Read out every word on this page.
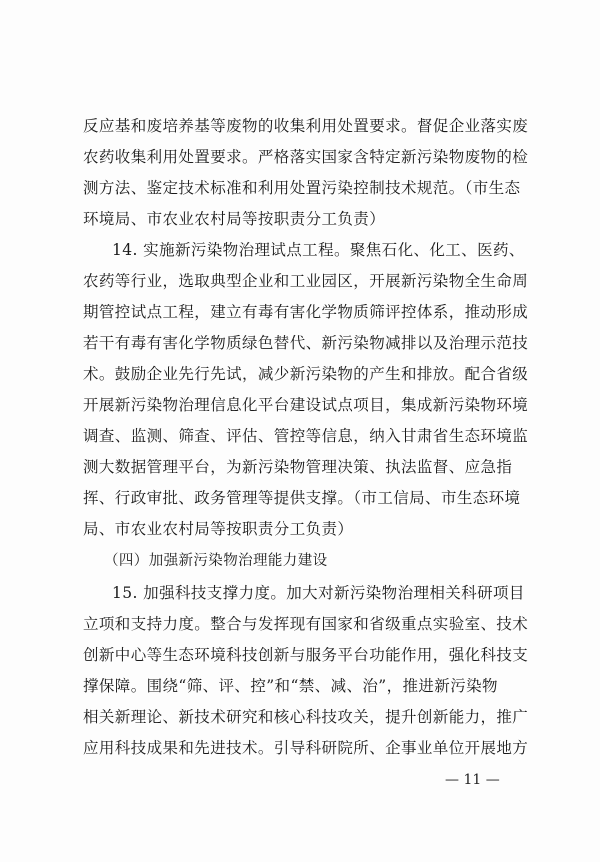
反应基和废培养基等废物的收集利用处置要求。督促企业落实废
农药收集利用处置要求。严格落实国家含特定新污染物废物的检
测方法、鉴定技术标准和利用处置污染控制技术规范。（市生态
环境局、市农业农村局等按职责分工负责）
14. 实施新污染物治理试点工程。聚焦石化、化工、医药、
农药等行业，选取典型企业和工业园区，开展新污染物全生命周
期管控试点工程，建立有毒有害化学物质筛评控体系，推动形成
若干有毒有害化学物质绿色替代、新污染物减排以及治理示范技
术。鼓励企业先行先试，减少新污染物的产生和排放。配合省级
开展新污染物治理信息化平台建设试点项目，集成新污染物环境
调查、监测、筛查、评估、管控等信息，纳入甘肃省生态环境监
测大数据管理平台，为新污染物管理决策、执法监督、应急指
挥、行政审批、政务管理等提供支撑。（市工信局、市生态环境
局、市农业农村局等按职责分工负责）
（四）加强新污染物治理能力建设
15. 加强科技支撑力度。加大对新污染物治理相关科研项目
立项和支持力度。整合与发挥现有国家和省级重点实验室、技术
创新中心等生态环境科技创新与服务平台功能作用，强化科技支
撑保障。围绕“筛、评、控”和“禁、减、治”，推进新污染物
相关新理论、新技术研究和核心科技攻关，提升创新能力，推广
应用科技成果和先进技术。引导科研院所、企事业单位开展地方
— 11 —
